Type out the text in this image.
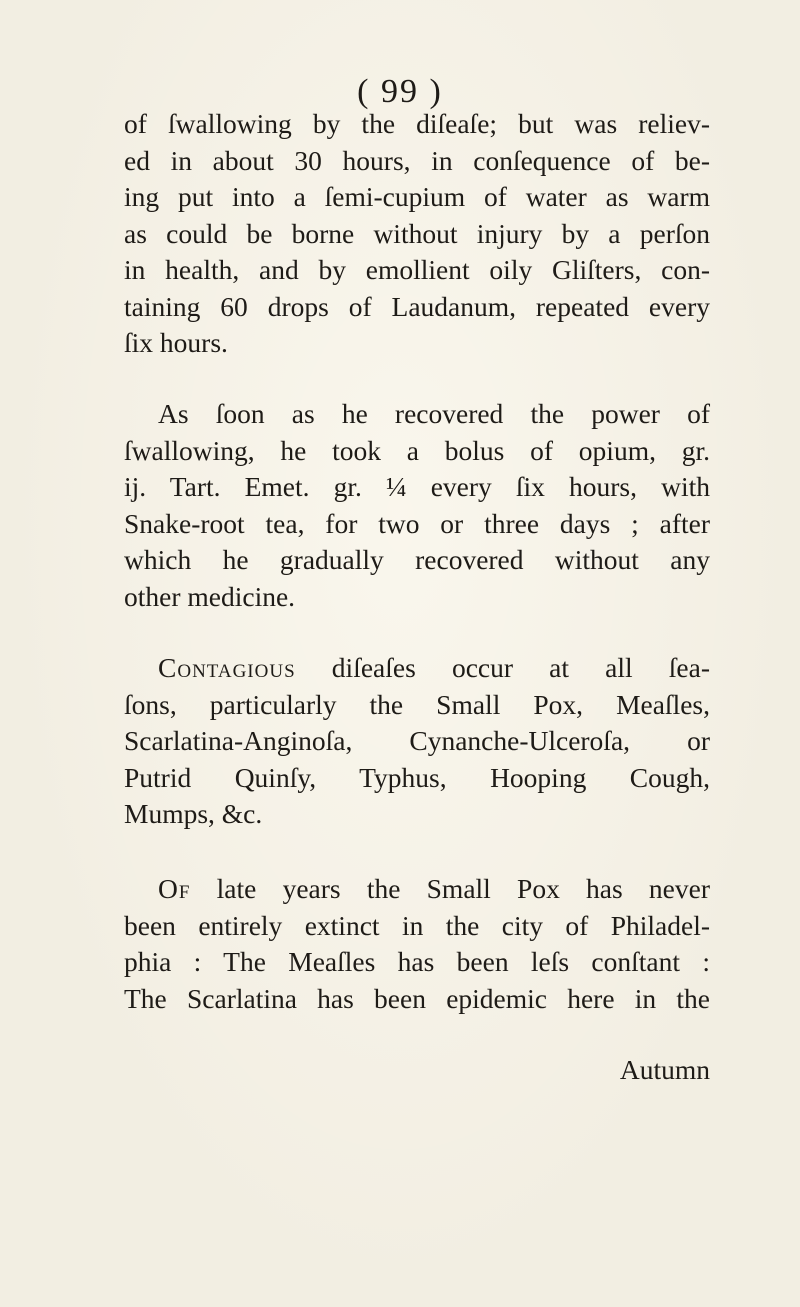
( 99 )
of ſwallowing by the diſeaſe; but was reliev-
ed in about 30 hours, in conſequence of be-
ing put into a ſemi-cupium of water as warm
as could be borne without injury by a perſon
in health, and by emollient oily Gliſters, con-
taining 60 drops of Laudanum, repeated every
ſix hours.
As ſoon as he recovered the power of
ſwallowing, he took a bolus of opium, gr.
ij. Tart. Emet. gr. ¼ every ſix hours, with
Snake-root tea, for two or three days ; after
which he gradually recovered without any
other medicine.
Contagious diſeaſes occur at all ſea-
ſons, particularly the Small Pox, Meaſles,
Scarlatina-Anginoſa, Cynanche-Ulceroſa, or
Putrid Quinſy, Typhus, Hooping Cough,
Mumps, &c.
Of late years the Small Pox has never
been entirely extinct in the city of Philadel-
phia : The Meaſles has been leſs conſtant :
The Scarlatina has been epidemic here in the
Autumn
